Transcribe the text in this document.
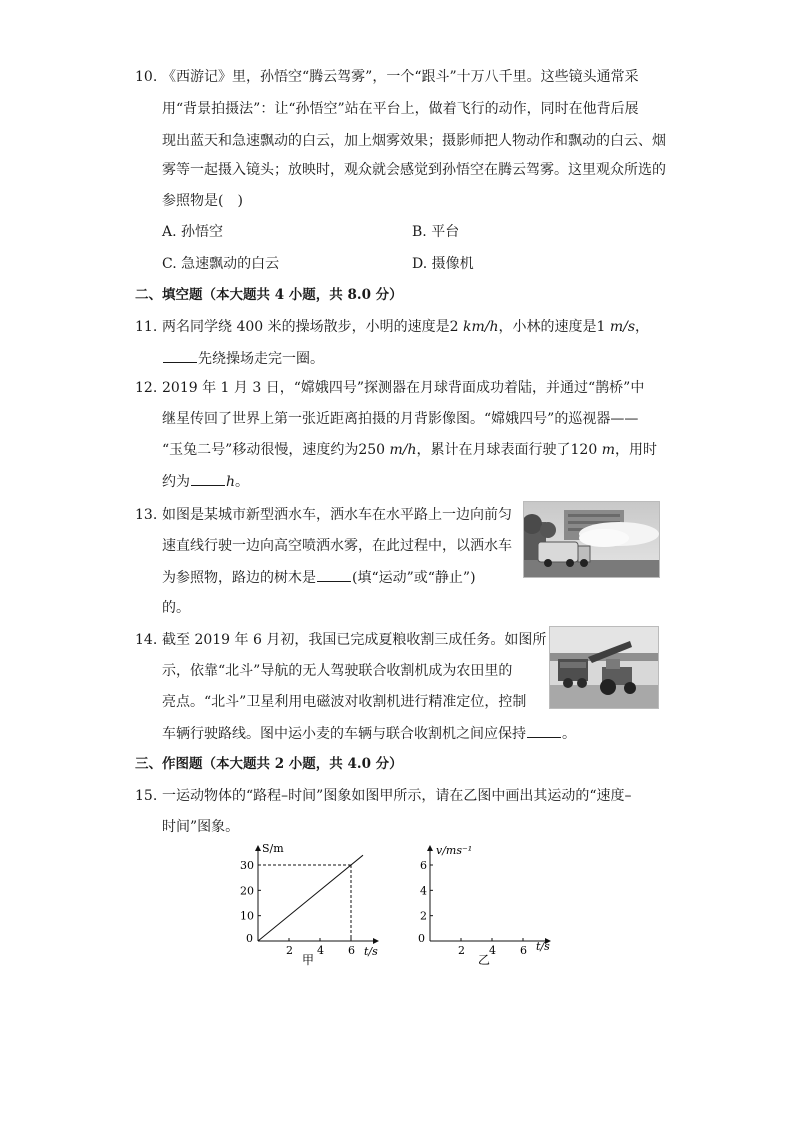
10. 《西游记》里，孙悟空“腾云驾雾”，一个“跟斗”十万八千里。这些镜头通常采
用“背景拍摄法”：让“孙悟空”站在平台上，做着飞行的动作，同时在他背后展
现出蓝天和急速飘动的白云，加上烟雾效果；摄影师把人物动作和飘动的白云、烟
雾等一起摄入镜头；放映时，观众就会感觉到孙悟空在腾云驾雾。这里观众所选的
参照物是(　)
A. 孙悟空	B. 平台
C. 急速飘动的白云	D. 摄像机
二、填空题（本大题共 4 小题，共 8.0 分）
11. 两名同学绕 400 米的操场散步，小明的速度是2 km/h，小林的速度是1 m/s，
先绕操场走完一圈。
12. 2019 年 1 月 3 日，“嫦娥四号”探测器在月球背面成功着陆，并通过“鹊桥”中
继星传回了世界上第一张近距离拍摄的月背影像图。“嫦娥四号”的巡视器——
“玉兔二号”移动很慢，速度约为250 m/h，累计在月球表面行驶了120 m，用时
约为	h。
13. 如图是某城市新型洒水车，洒水车在水平路上一边向前匀
速直线行驶一边向高空喷洒水雾，在此过程中，以洒水车
为参照物，路边的树木是	(填“运动”或“静止”)
的。
14. 截至 2019 年 6 月初，我国已完成夏粮收割三成任务。如图所
示，依靠“北斗”导航的无人驾驶联合收割机成为农田里的
亮点。“北斗”卫星利用电磁波对收割机进行精准定位，控制
车辆行驶路线。图中运小麦的车辆与联合收割机之间应保持	。
三、作图题（本大题共 2 小题，共 4.0 分）
15. 一运动物体的“路程–时间”图象如图甲所示，请在乙图中画出其运动的“速度–
时间”图象。
0
2 4 6
10
20
30
S/m
t/s
甲
0
2 4 6
2
4
6
v/ms⁻¹
t/s
乙
